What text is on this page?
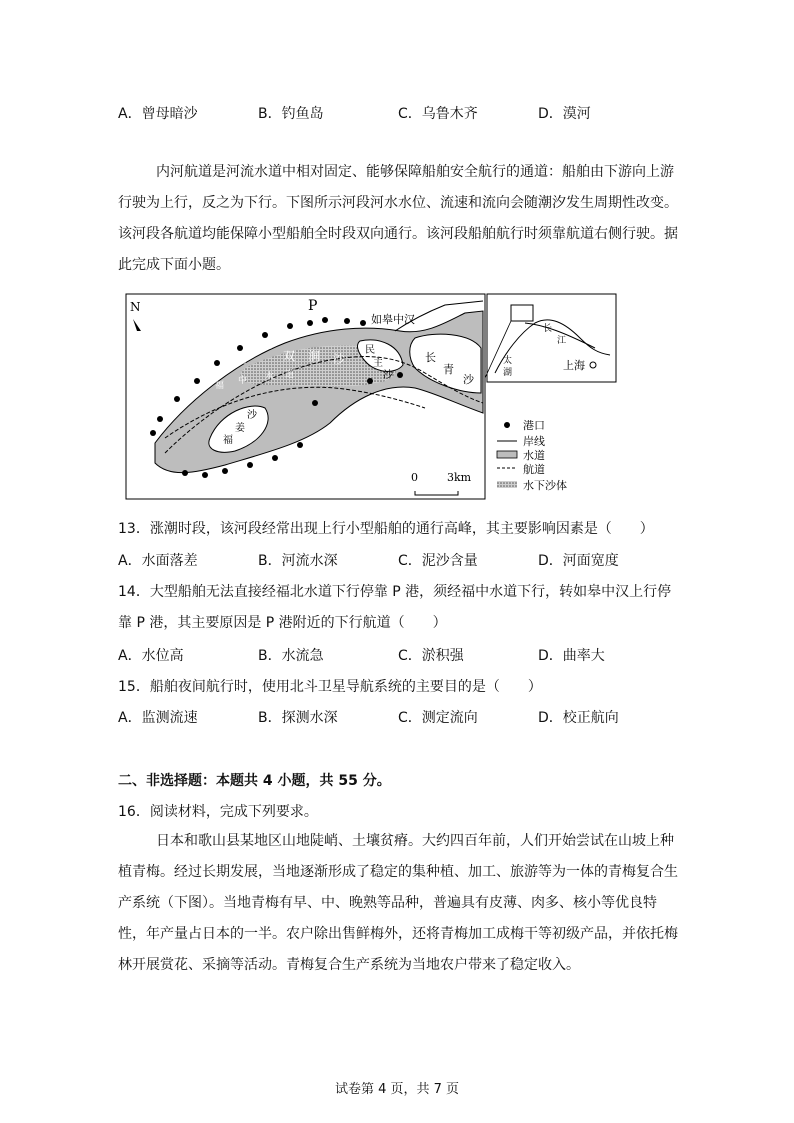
A．曾母暗沙	B．钓鱼岛	C．乌鲁木齐	D．漠河
内河航道是河流水道中相对固定、能够保障船舶安全航行的通道：船舶由下游向上游行驶为上行，反之为下行。下图所示河段河水水位、流速和流向会随潮汐发生周期性改变。该河段各航道均能保障小型船舶全时段双向通行。该河段船舶航行时须靠航道右侧行驶。据此完成下面小题。
N	P
如皋中汉
双 涧 沙
民
主
沙
长
青
沙
北
水
道
福 中 水 道
沙
姜
福
0	3km
上海
长
江
太
湖
港口
岸线
水道
航道
水下沙体
13．涨潮时段，该河段经常出现上行小型船舶的通行高峰，其主要影响因素是（　　）
A．水面落差	B．河流水深	C．泥沙含量	D．河面宽度
14．大型船舶无法直接经福北水道下行停靠 P 港，须经福中水道下行，转如皋中汉上行停
靠 P 港，其主要原因是 P 港附近的下行航道（　　）
A．水位高	B．水流急	C．淤积强	D．曲率大
15．船舶夜间航行时，使用北斗卫星导航系统的主要目的是（　　）
A．监测流速	B．探测水深	C．测定流向	D．校正航向
二、非选择题：本题共 4 小题，共 55 分。
16．阅读材料，完成下列要求。
日本和歌山县某地区山地陡峭、土壤贫瘠。大约四百年前，人们开始尝试在山坡上种植青梅。经过长期发展，当地逐渐形成了稳定的集种植、加工、旅游等为一体的青梅复合生产系统（下图）。当地青梅有早、中、晚熟等品种，普遍具有皮薄、肉多、核小等优良特性，年产量占日本的一半。农户除出售鲜梅外，还将青梅加工成梅干等初级产品，并依托梅林开展赏花、采摘等活动。青梅复合生产系统为当地农户带来了稳定收入。
试卷第 4 页，共 7 页
